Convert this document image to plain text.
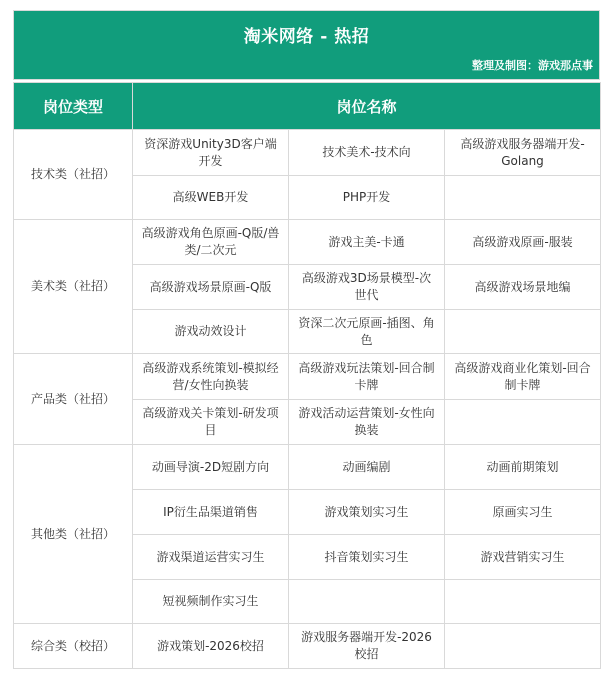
淘米网络 - 热招
整理及制图：游戏那点事
岗位类型	岗位名称		
技术类（社招）	资深游戏Unity3D客户端开发	技术美术-技术向	高级游戏服务器端开发-Golang
	高级WEB开发	PHP开发	
美术类（社招）	高级游戏角色原画-Q版/兽类/二次元	游戏主美-卡通	高级游戏原画-服装
	高级游戏场景原画-Q版	高级游戏3D场景模型-次世代	高级游戏场景地编
	游戏动效设计	资深二次元原画-插图、角色	
产品类（社招）	高级游戏系统策划-模拟经营/女性向换装	高级游戏玩法策划-回合制卡牌	高级游戏商业化策划-回合制卡牌
	高级游戏关卡策划-研发项目	游戏活动运营策划-女性向换装	
其他类（社招）	动画导演-2D短剧方向	动画编剧	动画前期策划
	IP衍生品渠道销售	游戏策划实习生	原画实习生
	游戏渠道运营实习生	抖音策划实习生	游戏营销实习生
	短视频制作实习生		
综合类（校招）	游戏策划-2026校招	游戏服务器端开发-2026校招	
